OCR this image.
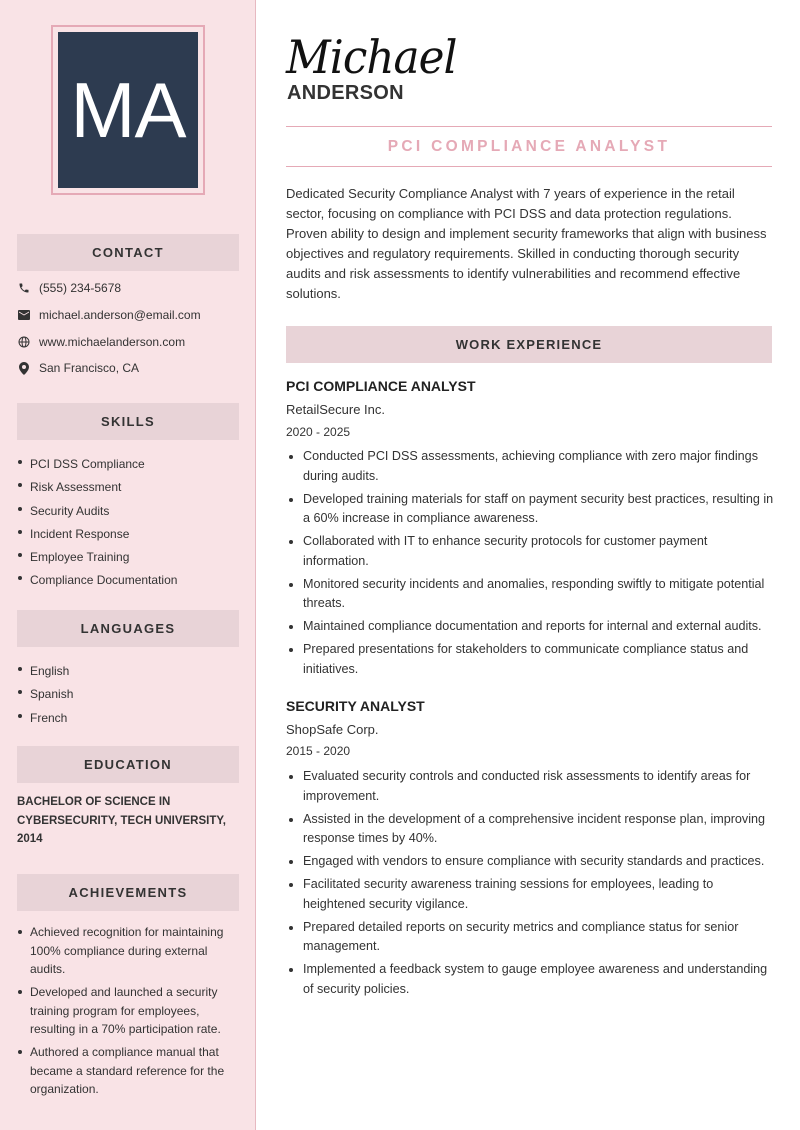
MA
CONTACT
(555) 234-5678
michael.anderson@email.com
www.michaelanderson.com
San Francisco, CA
SKILLS
PCI DSS Compliance
Risk Assessment
Security Audits
Incident Response
Employee Training
Compliance Documentation
LANGUAGES
English
Spanish
French
EDUCATION
BACHELOR OF SCIENCE IN CYBERSECURITY, TECH UNIVERSITY, 2014
ACHIEVEMENTS
Achieved recognition for maintaining 100% compliance during external audits.
Developed and launched a security training program for employees, resulting in a 70% participation rate.
Authored a compliance manual that became a standard reference for the organization.
Michael
ANDERSON
PCI COMPLIANCE ANALYST
Dedicated Security Compliance Analyst with 7 years of experience in the retail sector, focusing on compliance with PCI DSS and data protection regulations. Proven ability to design and implement security frameworks that align with business objectives and regulatory requirements. Skilled in conducting thorough security audits and risk assessments to identify vulnerabilities and recommend effective solutions.
WORK EXPERIENCE
PCI COMPLIANCE ANALYST
RetailSecure Inc.
2020 - 2025
Conducted PCI DSS assessments, achieving compliance with zero major findings during audits.
Developed training materials for staff on payment security best practices, resulting in a 60% increase in compliance awareness.
Collaborated with IT to enhance security protocols for customer payment information.
Monitored security incidents and anomalies, responding swiftly to mitigate potential threats.
Maintained compliance documentation and reports for internal and external audits.
Prepared presentations for stakeholders to communicate compliance status and initiatives.
SECURITY ANALYST
ShopSafe Corp.
2015 - 2020
Evaluated security controls and conducted risk assessments to identify areas for improvement.
Assisted in the development of a comprehensive incident response plan, improving response times by 40%.
Engaged with vendors to ensure compliance with security standards and practices.
Facilitated security awareness training sessions for employees, leading to heightened security vigilance.
Prepared detailed reports on security metrics and compliance status for senior management.
Implemented a feedback system to gauge employee awareness and understanding of security policies.
